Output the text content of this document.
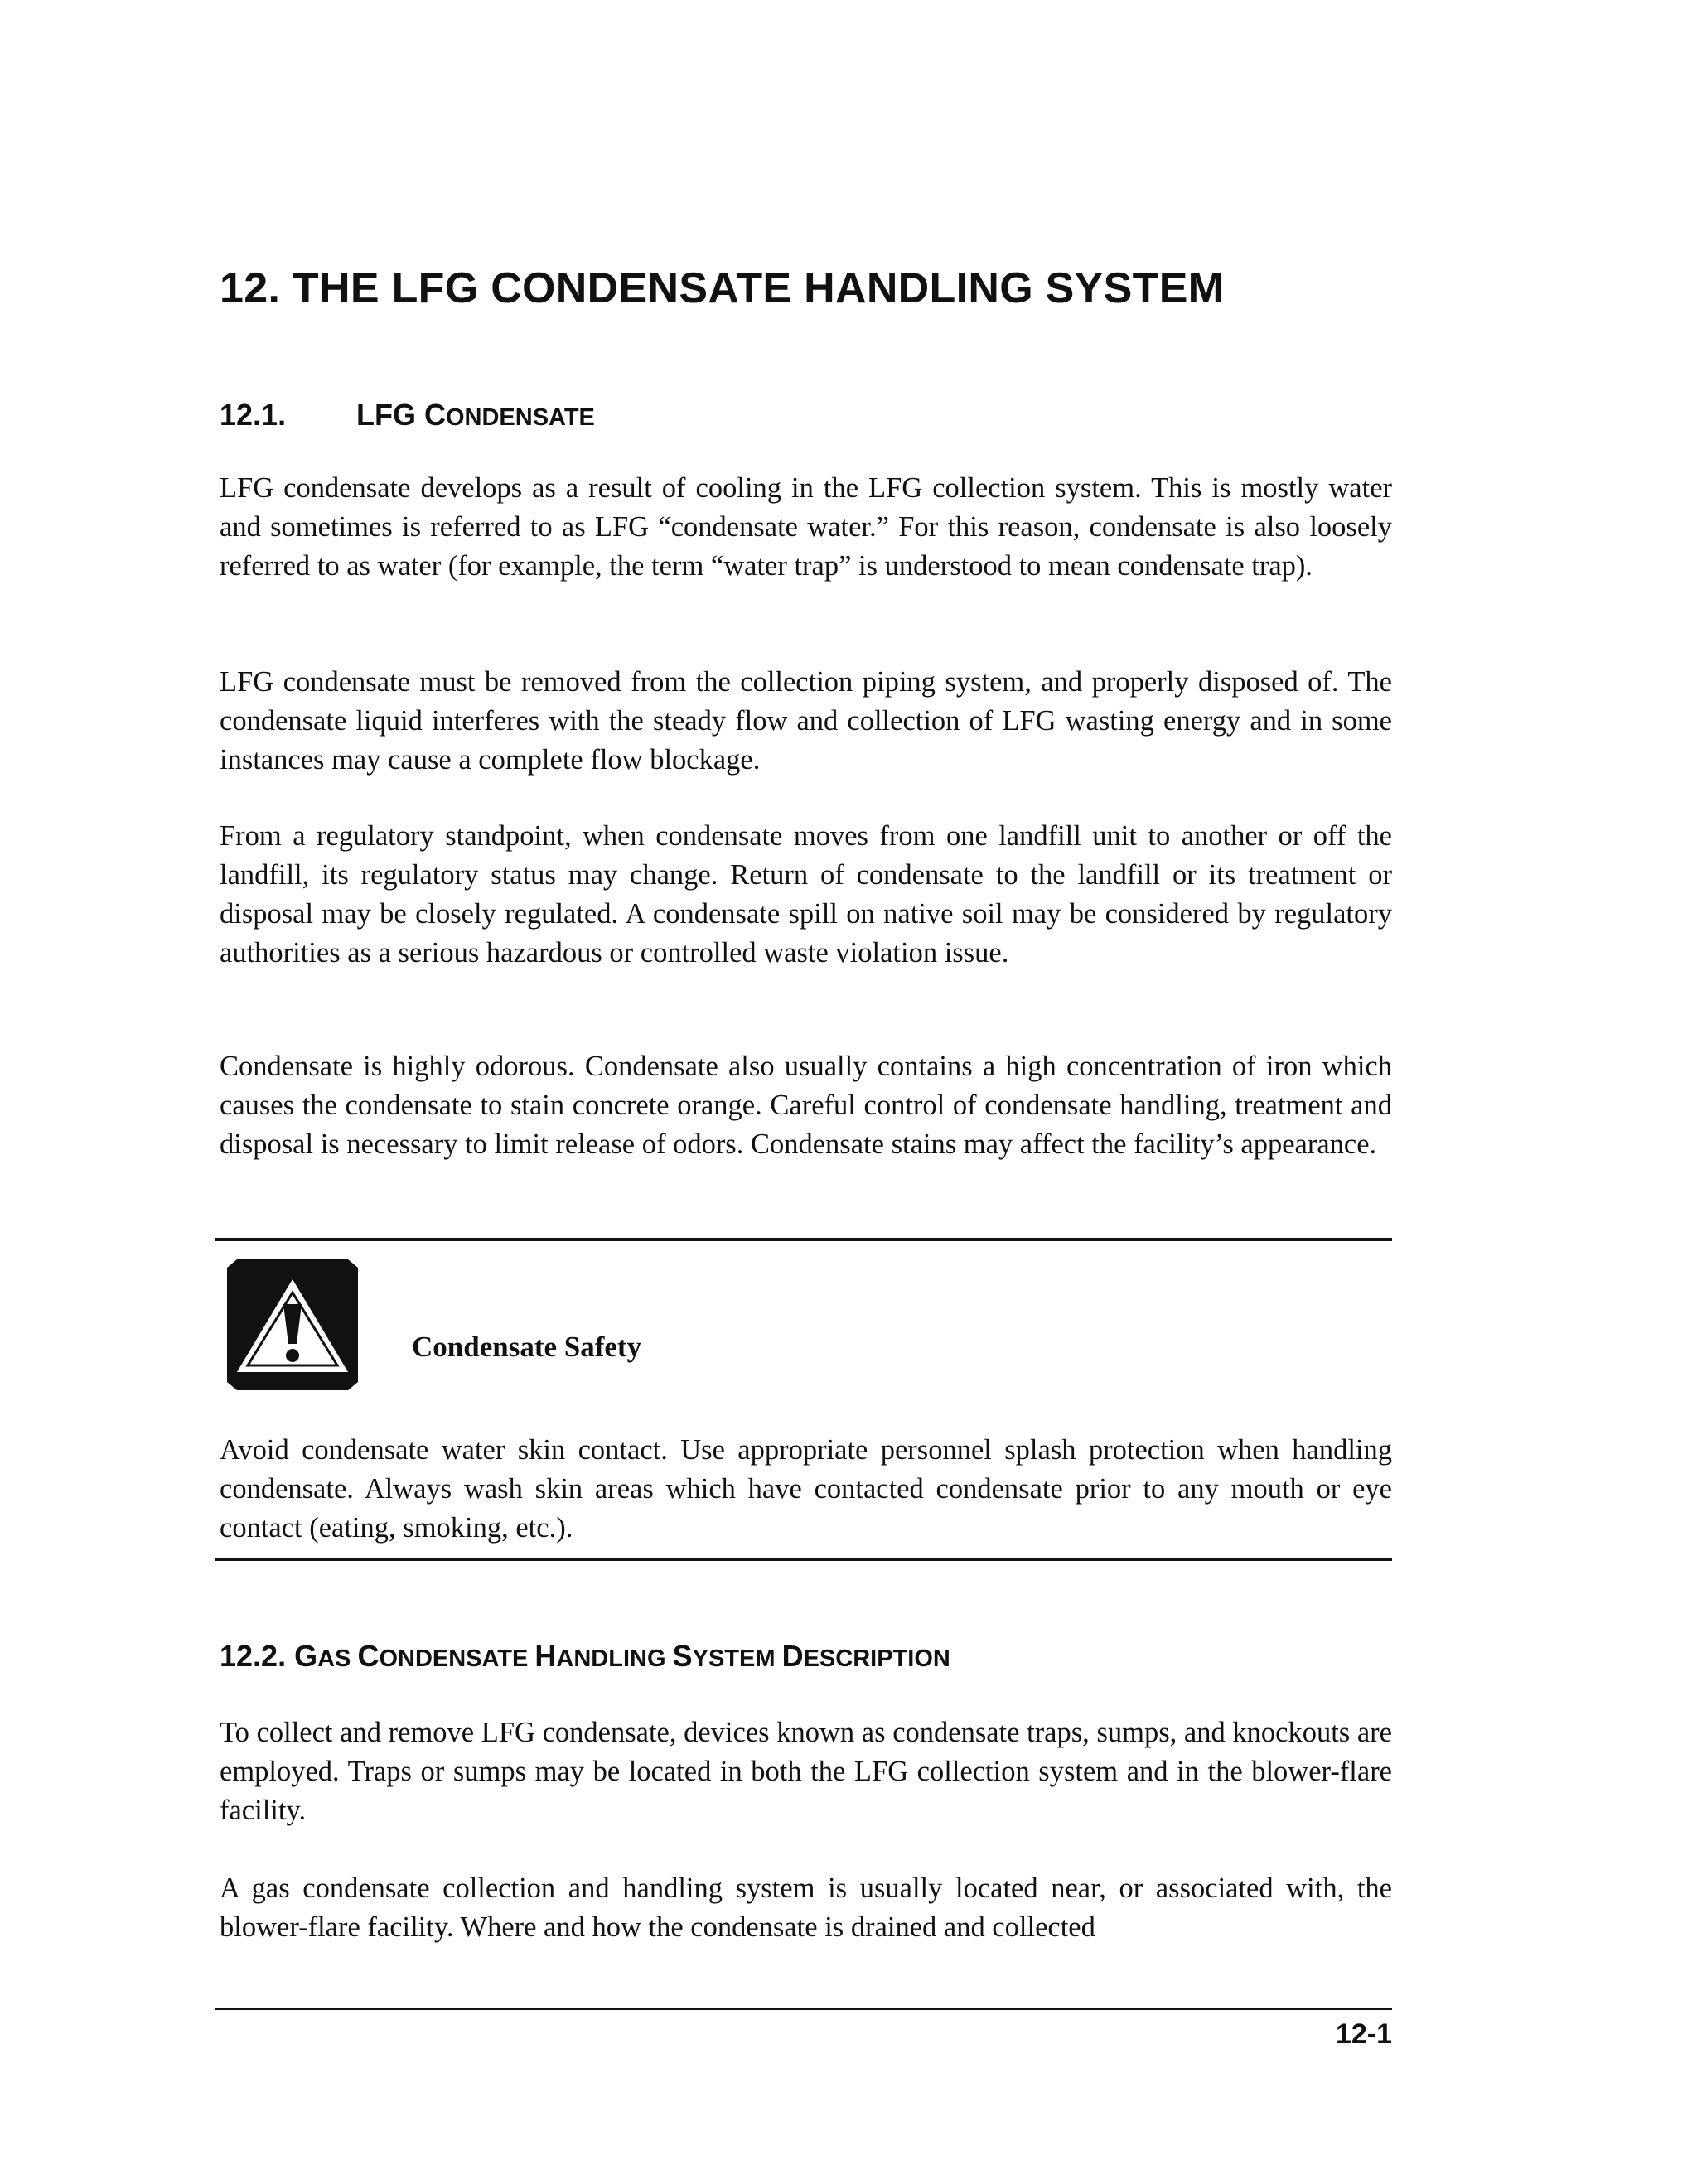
12. THE LFG CONDENSATE HANDLING SYSTEM
12.1. LFG CONDENSATE
LFG condensate develops as a result of cooling in the LFG collection system. This is mostly water and sometimes is referred to as LFG “condensate water.” For this reason, condensate is also loosely referred to as water (for example, the term “water trap” is understood to mean condensate trap).
LFG condensate must be removed from the collection piping system, and properly disposed of. The condensate liquid interferes with the steady flow and collection of LFG wasting energy and in some instances may cause a complete flow blockage.
From a regulatory standpoint, when condensate moves from one landfill unit to another or off the landfill, its regulatory status may change. Return of condensate to the landfill or its treatment or disposal may be closely regulated. A condensate spill on native soil may be considered by regulatory authorities as a serious hazardous or controlled waste violation issue.
Condensate is highly odorous. Condensate also usually contains a high concentration of iron which causes the condensate to stain concrete orange. Careful control of condensate handling, treatment and disposal is necessary to limit release of odors. Condensate stains may affect the facility’s appearance.
Avoid condensate water skin contact. Use appropriate personnel splash protection when handling condensate. Always wash skin areas which have contacted condensate prior to any mouth or eye contact (eating, smoking, etc.).
12.2. GAS CONDENSATE HANDLING SYSTEM DESCRIPTION
To collect and remove LFG condensate, devices known as condensate traps, sumps, and knockouts are employed. Traps or sumps may be located in both the LFG collection system and in the blower-flare facility.
A gas condensate collection and handling system is usually located near, or associated with, the blower-flare facility. Where and how the condensate is drained and collected
Condensate Safety
12-1
